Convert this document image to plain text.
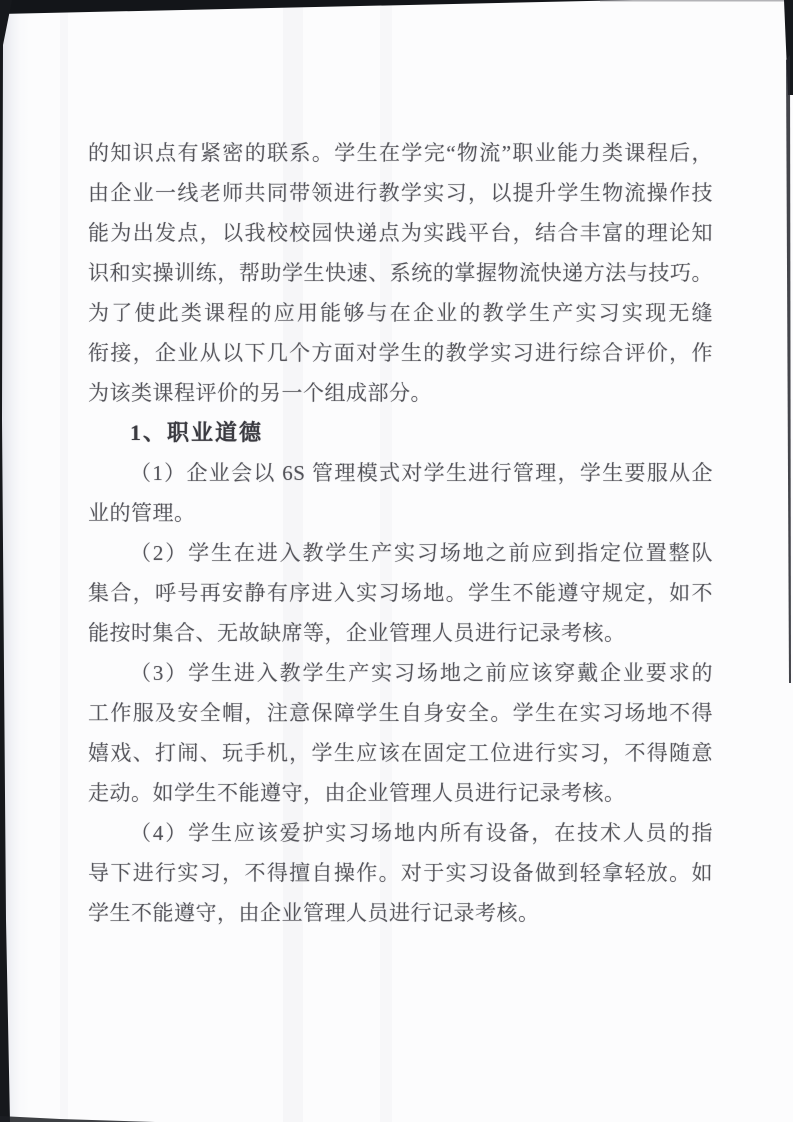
的知识点有紧密的联系。学生在学完“物流”职业能力类课程后，
由企业一线老师共同带领进行教学实习，以提升学生物流操作技
能为出发点，以我校校园快递点为实践平台，结合丰富的理论知
识和实操训练，帮助学生快速、系统的掌握物流快递方法与技巧。
为了使此类课程的应用能够与在企业的教学生产实习实现无缝
衔接，企业从以下几个方面对学生的教学实习进行综合评价，作
为该类课程评价的另一个组成部分。
1、职业道德
（1）企业会以 6S 管理模式对学生进行管理，学生要服从企
业的管理。
（2）学生在进入教学生产实习场地之前应到指定位置整队
集合，呼号再安静有序进入实习场地。学生不能遵守规定，如不
能按时集合、无故缺席等，企业管理人员进行记录考核。
（3）学生进入教学生产实习场地之前应该穿戴企业要求的
工作服及安全帽，注意保障学生自身安全。学生在实习场地不得
嬉戏、打闹、玩手机，学生应该在固定工位进行实习，不得随意
走动。如学生不能遵守，由企业管理人员进行记录考核。
（4）学生应该爱护实习场地内所有设备，在技术人员的指
导下进行实习，不得擅自操作。对于实习设备做到轻拿轻放。如
学生不能遵守，由企业管理人员进行记录考核。
